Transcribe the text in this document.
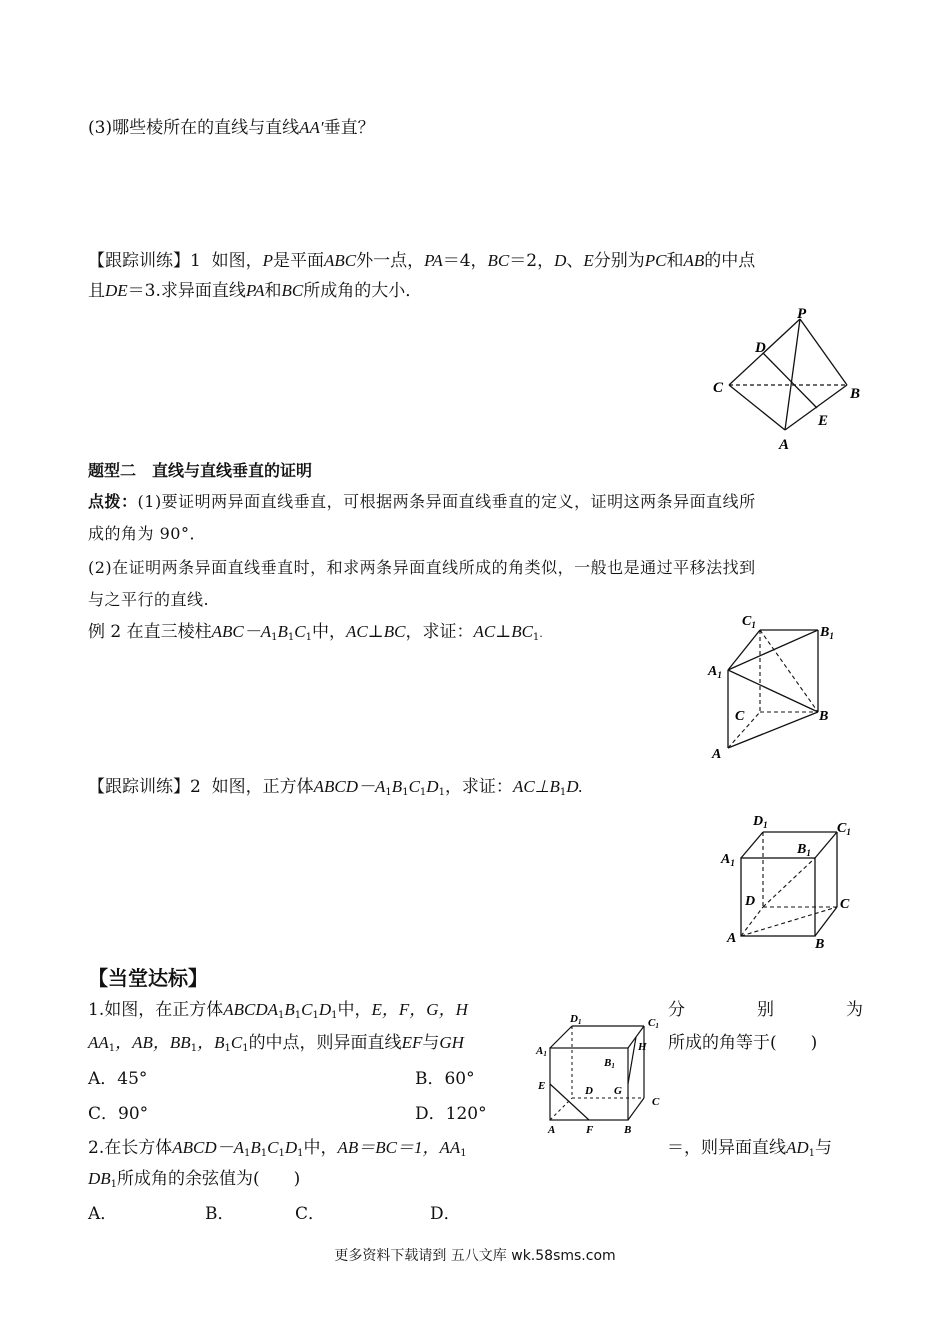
(3)哪些棱所在的直线与直线AA′垂直？
【跟踪训练】1 如图，P是平面ABC外一点，PA＝4，BC＝2，D、E分别为PC和AB的中点
且DE＝3.求异面直线PA和BC所成角的大小．
P
D
C	B
E
A
题型二　直线与直线垂直的证明
点拨：(1)要证明两异面直线垂直，可根据两条异面直线垂直的定义，证明这两条异面直线所
成的角为 90°．
(2)在证明两条异面直线垂直时，和求两条异面直线所成的角类似，一般也是通过平移法找到
与之平行的直线.
例 2 在直三棱柱$ABC-A_1B_1C_1$中，AC⊥BC，求证：$AC\perp BC_1$.
$C_1$	$B_1$
$A_1$
C	B
A
【跟踪训练】2 如图，正方体$ABCD-A_1B_1C_1D_1$，求证：$AC\perp B_1D$.
$D_1$	$C_1$
$A_1$
$B_1$
D	C
A	B
【当堂达标】
1.如图，在正方体$ABCDA_1B_1C_1D_1$中，E，F，G，H	分	别	为
$AA_1$，AB，$BB_1$，$B_1C_1$的中点，则异面直线EF与GH	所成的角等于(　　)
A．45°	B．60°
C．90°	D．120°
D1	C1
A1
H
B1
E	D G
C
A	F	B
2.在长方体$ABCD-A_1B_1C_1D_1$中，AB＝BC＝1，$AA_1$	＝，则异面直线$AD_1$与
$DB_1$所成角的余弦值为(　　)
A．	B．	C．	D．
更多资料下载请到 五八文库 wk.58sms.com
